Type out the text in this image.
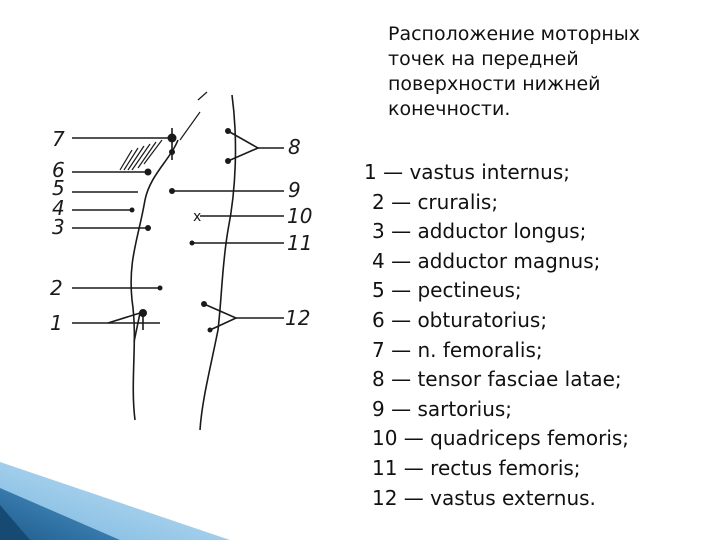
x
7
6
5
4
3
2
1
8
9
10
11
12
Расположение моторных
точек на передней
поверхности нижней
конечности.
1 — vastus internus;
2 — cruralis;
3 — adductor longus;
4 — adductor magnus;
5 — pectineus;
6 — obturatorius;
7 — n. femoralis;
8 — tensor fasciae latae;
9 — sartorius;
10 — quadriceps femoris;
11 — rectus femoris;
12 — vastus externus.
